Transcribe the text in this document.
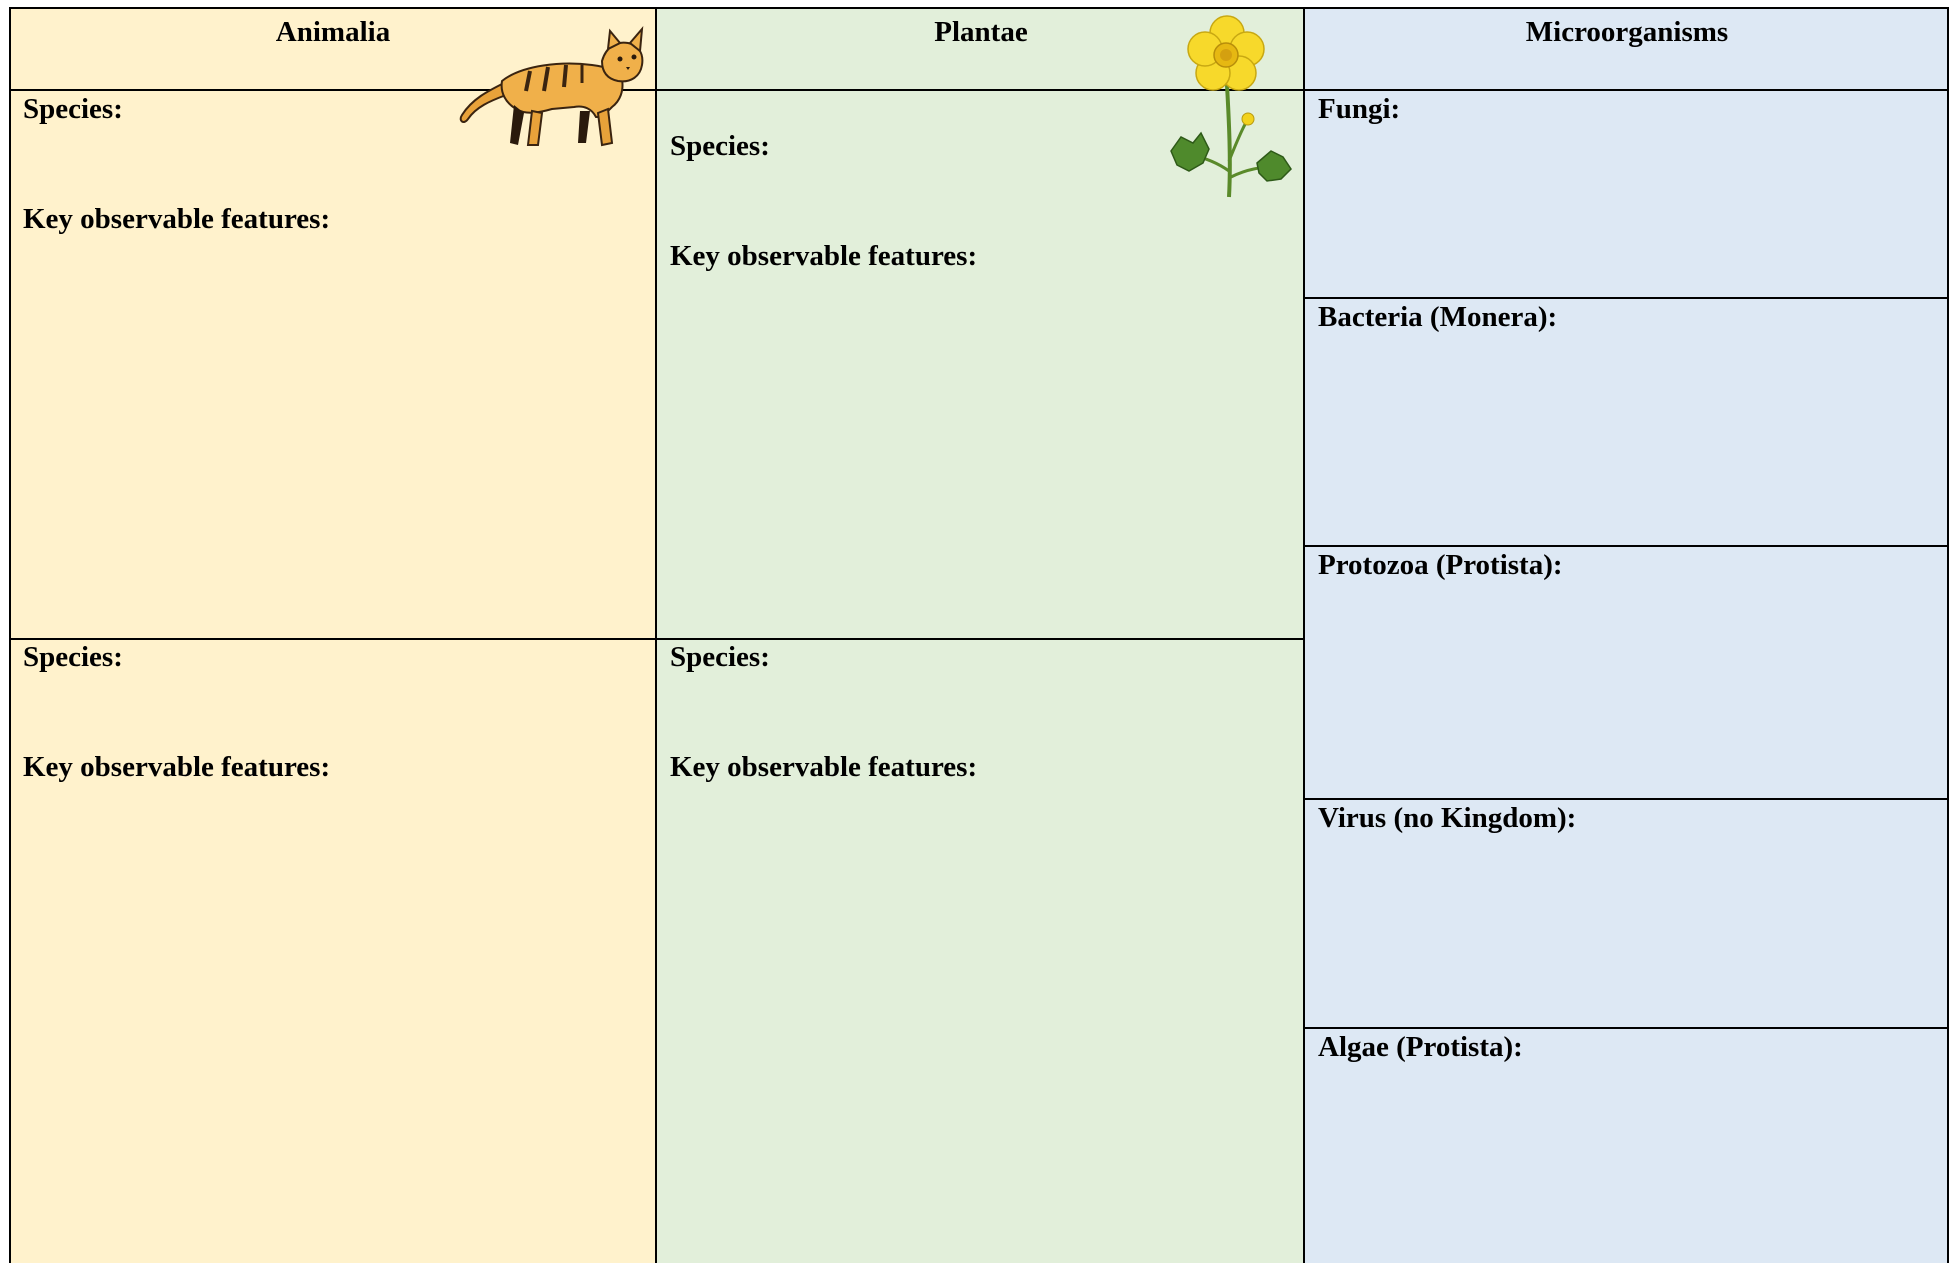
Animalia	Plantae	Microorganisms
Species:
Key observable features:
Species:
Key observable features:
Species:
Key observable features:
Species:
Key observable features:
Fungi:
Bacteria (Monera):
Protozoa (Protista):
Virus (no Kingdom):
Algae (Protista):
